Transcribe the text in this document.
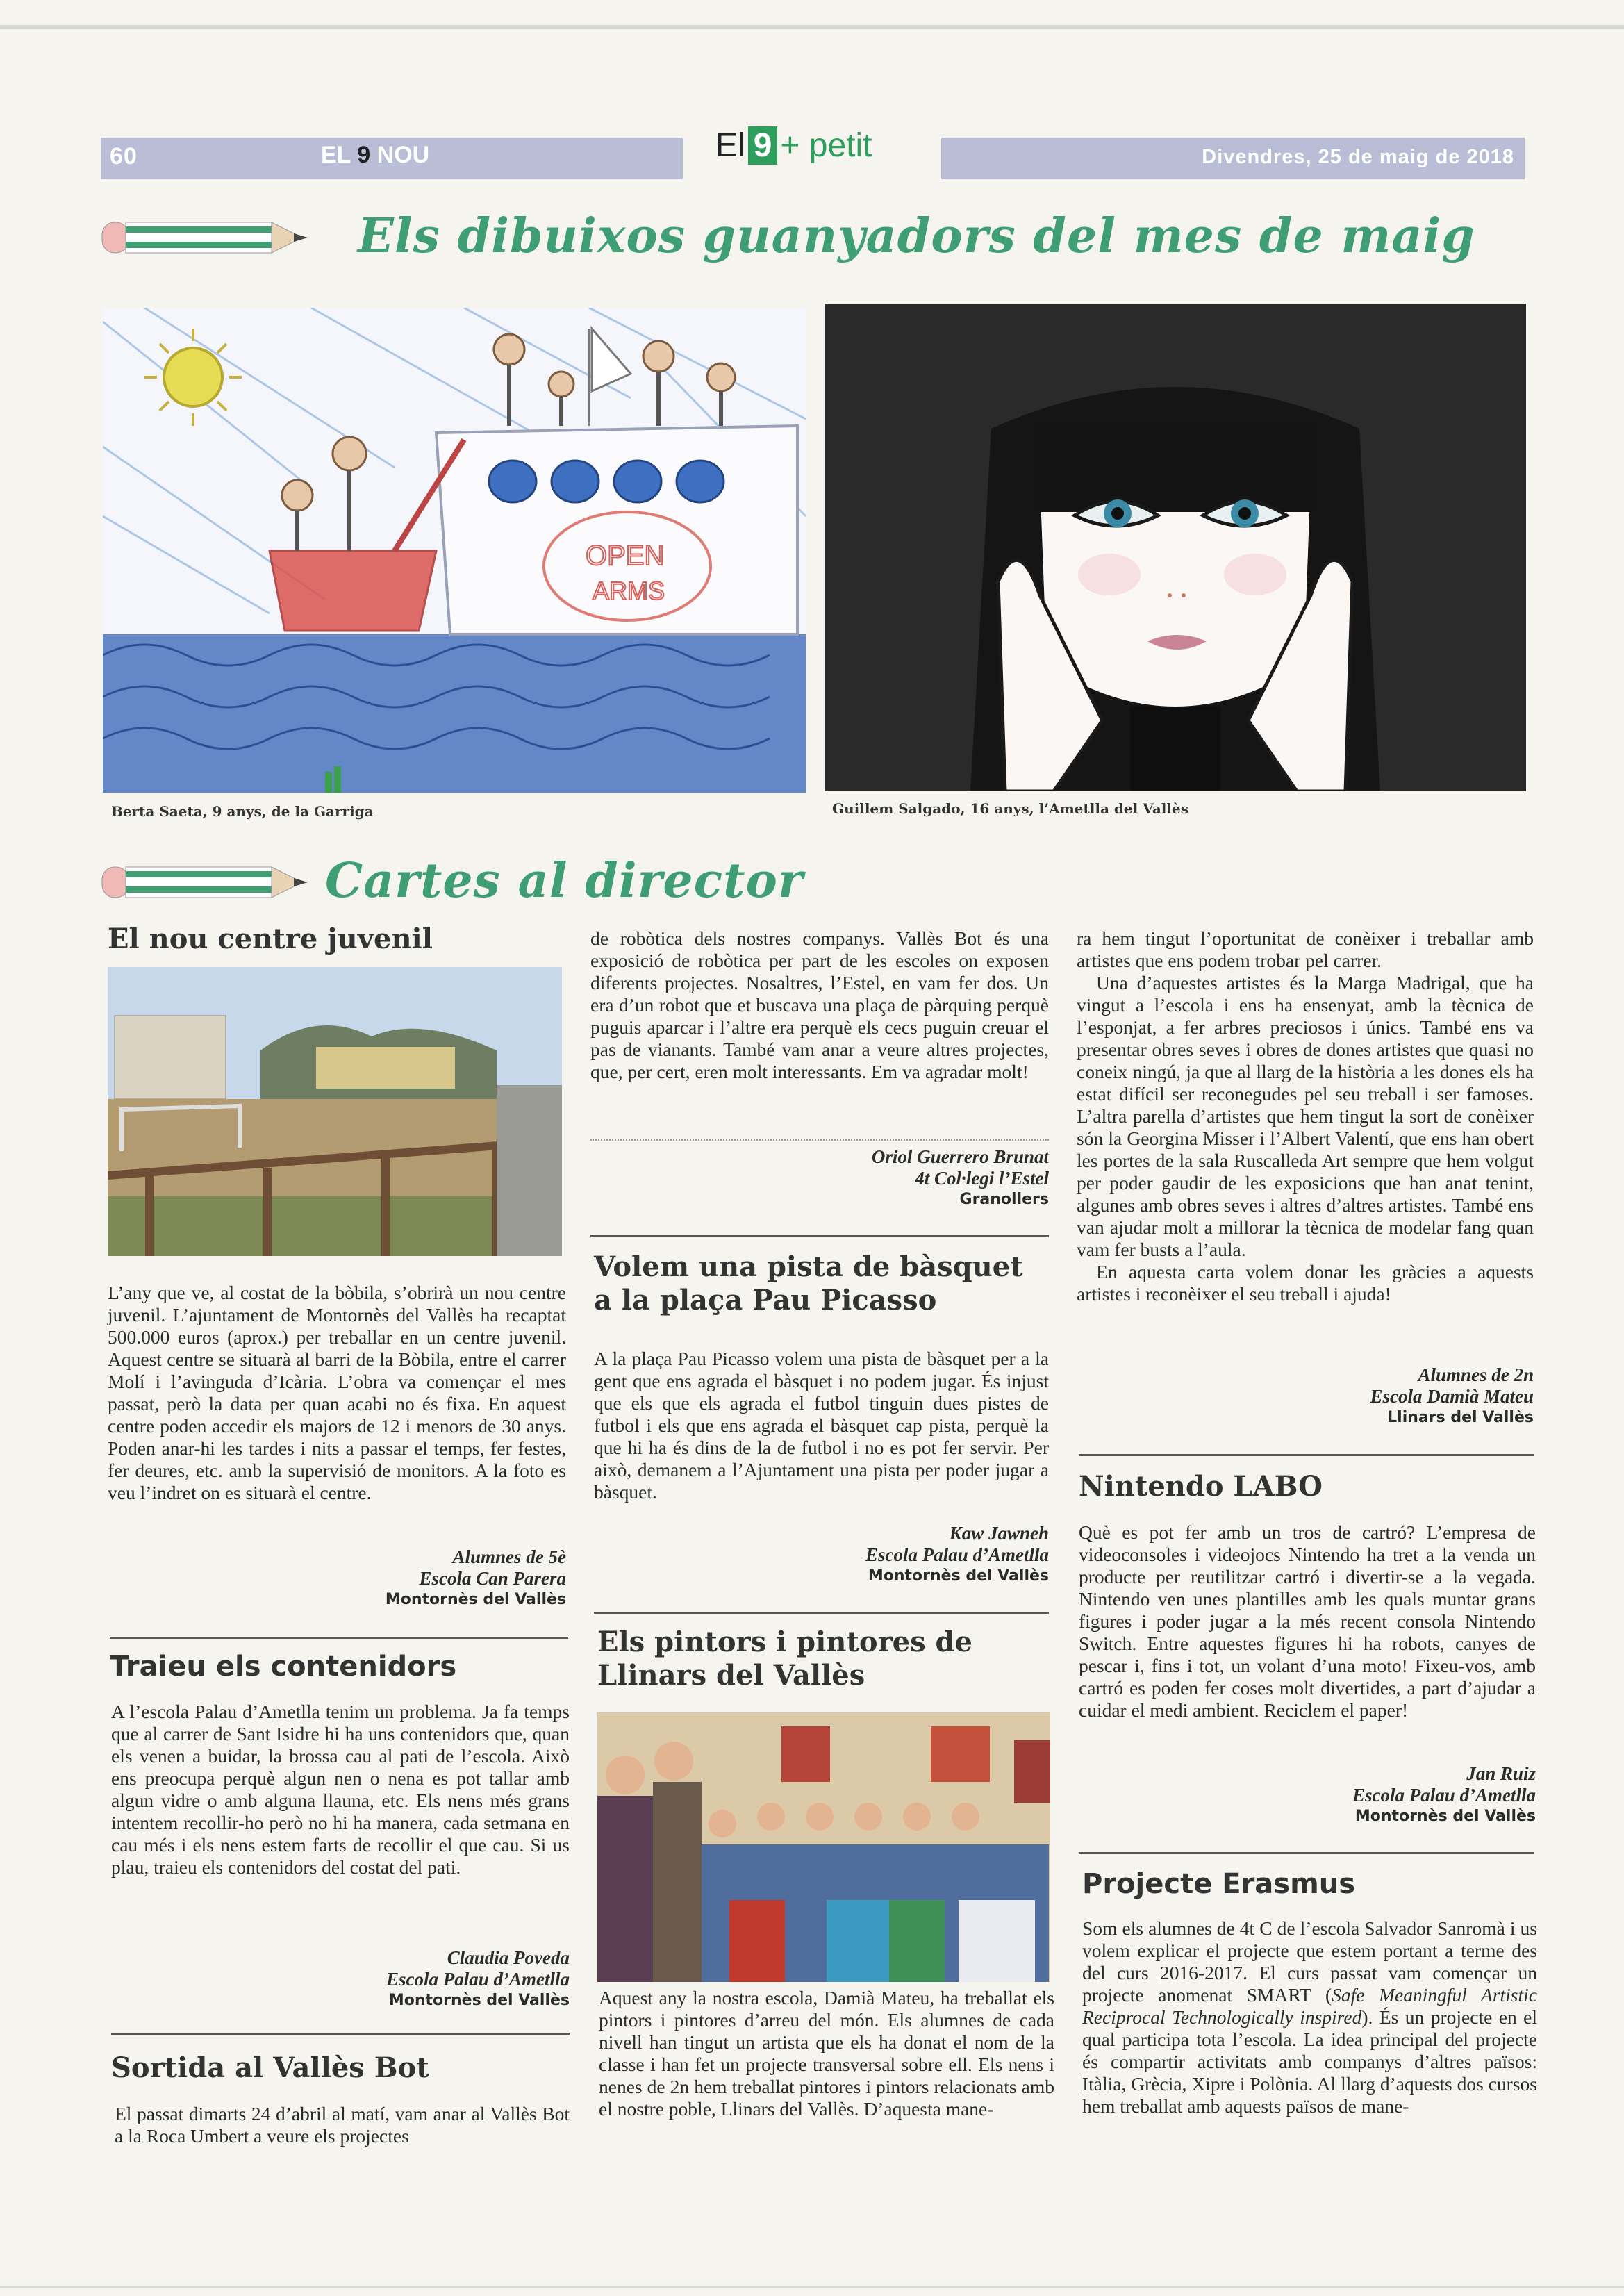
60	EL 9 NOU	El 9 + petit	Divendres, 25 de maig de 2018
Els dibuixos guanyadors del mes de maig
OPEN
ARMS
Berta Saeta, 9 anys, de la Garriga	Guillem Salgado, 16 anys, l’Ametlla del Vallès
Cartes al director
El nou centre juvenil

L’any que ve, al costat de la bòbila, s’obrirà un nou centre juvenil. L’ajuntament de Montornès del Vallès ha recaptat 500.000 euros (aprox.) per treballar en un centre juvenil. Aquest centre se situarà al barri de la Bòbila, entre el carrer Molí i l’avinguda d’Icària. L’obra va començar el mes passat, però la data per quan acabi no és fixa. En aquest centre poden accedir els majors de 12 i menors de 30 anys. Poden anar-hi les tardes i nits a passar el temps, fer festes, fer deures, etc. amb la supervisió de monitors. A la foto es veu l’indret on es situarà el centre.

Alumnes de 5è
Escola Can Parera
Montornès del Vallès
Traieu els contenidors

A l’escola Palau d’Ametlla tenim un problema. Ja fa temps que al carrer de Sant Isidre hi ha uns contenidors que, quan els venen a buidar, la brossa cau al pati de l’escola. Això ens preocupa perquè algun nen o nena es pot tallar amb algun vidre o amb alguna llauna, etc. Els nens més grans intentem recollir-ho però no hi ha manera, cada setmana en cau més i els nens estem farts de recollir el que cau. Si us plau, traieu els contenidors del costat del pati.

Claudia Poveda
Escola Palau d’Ametlla
Montornès del Vallès
Sortida al Vallès Bot

El passat dimarts 24 d’abril al matí, vam anar al Vallès Bot a la Roca Umbert a veure els projectes

de robòtica dels nostres companys. Vallès Bot és una exposició de robòtica per part de les escoles on exposen diferents projectes. Nosaltres, l’Estel, en vam fer dos. Un era d’un robot que et buscava una plaça de pàrquing perquè puguis aparcar i l’altre era perquè els cecs puguin creuar el pas de vianants. També vam anar a veure altres projectes, que, per cert, eren molt interessants. Em va agradar molt!

Oriol Guerrero Brunat
4t Col·legi l’Estel
Granollers
Volem una pista de bàsquet a la plaça Pau Picasso

A la plaça Pau Picasso volem una pista de bàsquet per a la gent que ens agrada el bàsquet i no podem jugar. És injust que els que els agrada el futbol tinguin dues pistes de futbol i els que ens agrada el bàsquet cap pista, perquè la que hi ha és dins de la de futbol i no es pot fer servir. Per això, demanem a l’Ajuntament una pista per poder jugar a bàsquet.

Kaw Jawneh
Escola Palau d’Ametlla
Montornès del Vallès
Els pintors i pintores de Llinars del Vallès

Aquest any la nostra escola, Damià Mateu, ha treballat els pintors i pintores d’arreu del món. Els alumnes de cada nivell han tingut un artista que els ha donat el nom de la classe i han fet un projecte transversal sobre ell. Els nens i nenes de 2n hem treballat pintores i pintors relacionats amb el nostre poble, Llinars del Vallès. D’aquesta mane-

ra hem tingut l’oportunitat de conèixer i treballar amb artistes que ens podem trobar pel carrer.

Una d’aquestes artistes és la Marga Madrigal, que ha vingut a l’escola i ens ha ensenyat, amb la tècnica de l’esponjat, a fer arbres preciosos i únics. També ens va presentar obres seves i obres de dones artistes que quasi no coneix ningú, ja que al llarg de la història a les dones els ha estat difícil ser reconegudes pel seu treball i ser famoses. L’altra parella d’artistes que hem tingut la sort de conèixer són la Georgina Misser i l’Albert Valentí, que ens han obert les portes de la sala Ruscalleda Art sempre que hem volgut per poder gaudir de les exposicions que han anat tenint, algunes amb obres seves i altres d’altres artistes. També ens van ajudar molt a millorar la tècnica de modelar fang quan vam fer busts a l’aula.

En aquesta carta volem donar les gràcies a aquests artistes i reconèixer el seu treball i ajuda!

Alumnes de 2n
Escola Damià Mateu
Llinars del Vallès
Nintendo LABO

Què es pot fer amb un tros de cartró? L’empresa de videoconsoles i videojocs Nintendo ha tret a la venda un producte per reutilitzar cartró i divertir-se a la vegada. Nintendo ven unes plantilles amb les quals muntar grans figures i poder jugar a la més recent consola Nintendo Switch. Entre aquestes figures hi ha robots, canyes de pescar i, fins i tot, un volant d’una moto! Fixeu-vos, amb cartró es poden fer coses molt divertides, a part d’ajudar a cuidar el medi ambient. Reciclem el paper!

Jan Ruiz
Escola Palau d’Ametlla
Montornès del Vallès
Projecte Erasmus

Som els alumnes de 4t C de l’escola Salvador Sanromà i us volem explicar el projecte que estem portant a terme des del curs 2016-2017. El curs passat vam començar un projecte anomenat SMART (Safe Meaningful Artistic Reciprocal Technologically inspired). És un projecte en el qual participa tota l’escola. La idea principal del projecte és compartir activitats amb companys d’altres països: Itàlia, Grècia, Xipre i Polònia. Al llarg d’aquests dos cursos hem treballat amb aquests països de mane-
